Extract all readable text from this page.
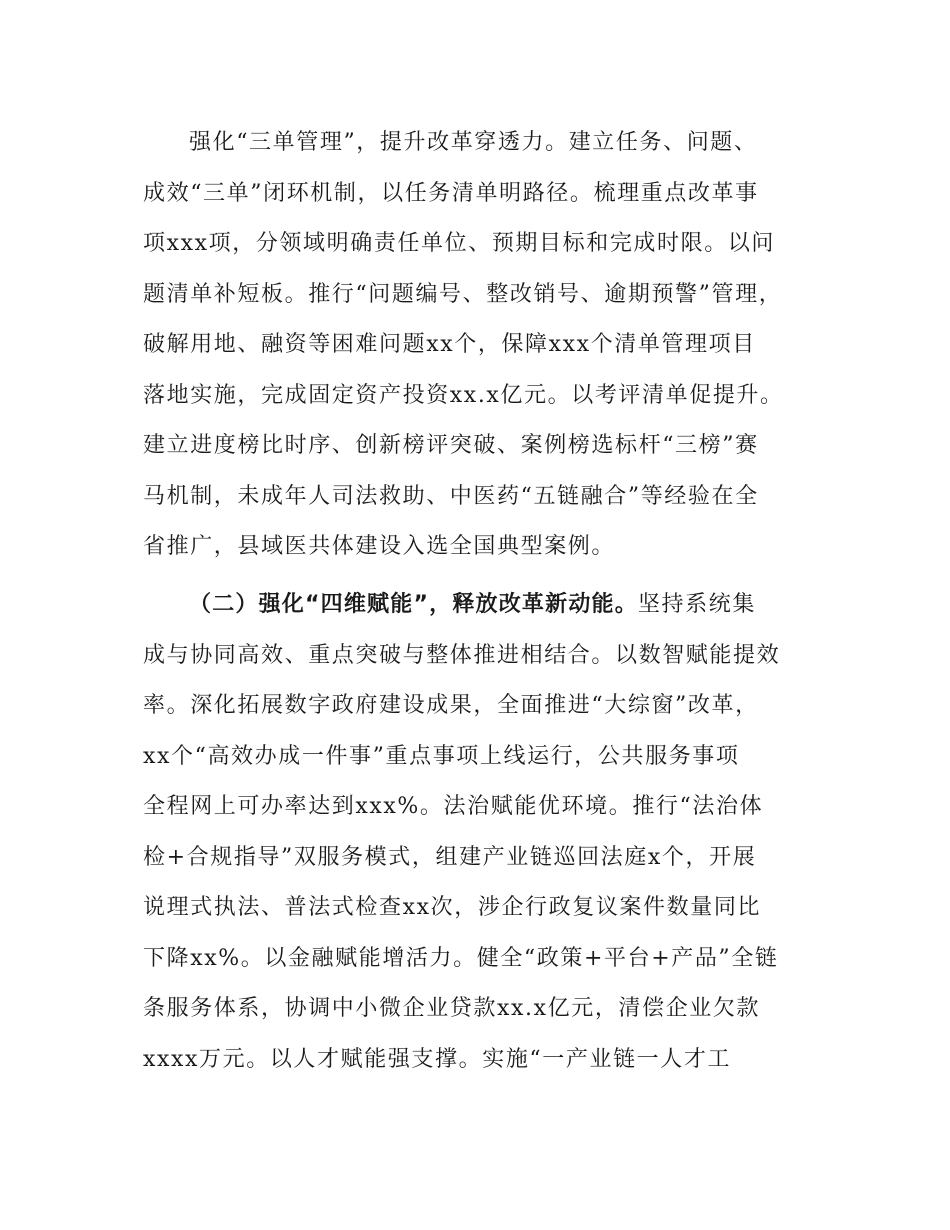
强化“三单管理”，提升改革穿透力。建立任务、问题、
成效“三单”闭环机制，以任务清单明路径。梳理重点改革事
项xxx项，分领域明确责任单位、预期目标和完成时限。以问
题清单补短板。推行“问题编号、整改销号、逾期预警”管理，
破解用地、融资等困难问题xx个，保障xxx个清单管理项目
落地实施，完成固定资产投资xx.x亿元。以考评清单促提升。
建立进度榜比时序、创新榜评突破、案例榜选标杆“三榜”赛
马机制，未成年人司法救助、中医药“五链融合”等经验在全
省推广，县域医共体建设入选全国典型案例。
（二）强化“四维赋能”，释放改革新动能。坚持系统集
成与协同高效、重点突破与整体推进相结合。以数智赋能提效
率。深化拓展数字政府建设成果，全面推进“大综窗”改革，
xx个“高效办成一件事”重点事项上线运行，公共服务事项
全程网上可办率达到xxx%。法治赋能优环境。推行“法治体
检+合规指导”双服务模式，组建产业链巡回法庭x个，开展
说理式执法、普法式检查xx次，涉企行政复议案件数量同比
下降xx%。以金融赋能增活力。健全“政策+平台+产品”全链
条服务体系，协调中小微企业贷款xx.x亿元，清偿企业欠款
xxxx万元。以人才赋能强支撑。实施“一产业链一人才工
